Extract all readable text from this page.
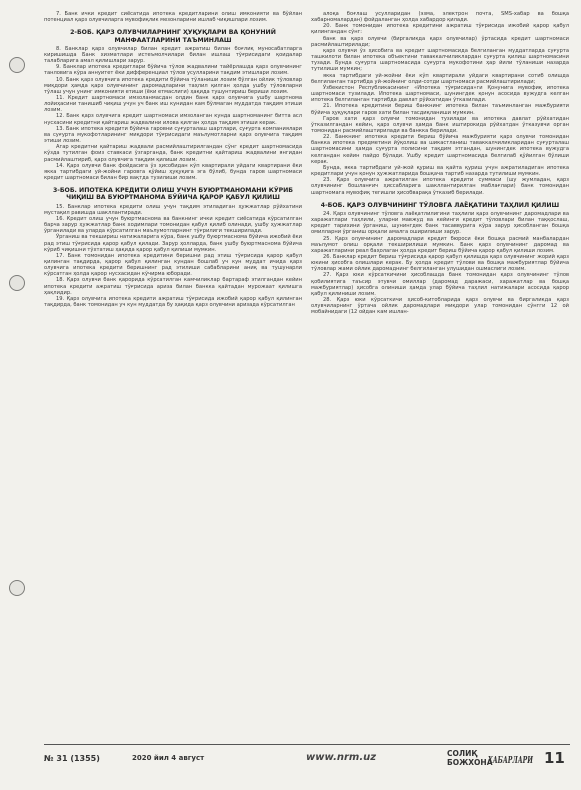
7. Банк ички кредит сиёсатида ипотека кредитларини олиш имконияти ва бўйлан потенциал қарз олувчиларга мувофиқлик мезонларини ишлаб чиқишлари лозим.

2-БОБ. ҚАРЗ ОЛУВЧИЛАРНИНГ ҲУҚУҚЛАРИ ВА ҚОНУНИЙ МАНФААТЛАРИНИ ТАЪМИНЛАШ

8. Банклар қарз олувчилар билан кредит ажратиш билан боғлиқ муносабатларга киришишда Банк хизматлари истеъмолчилари билан ишлаш тўғрисидаги қоидалар талабларига амал қилишлари зарур.

9. Банклар ипотека кредитлари бўйича тўлов жадвалини тайёрлашда қарз олувчининг танловига кўра аннуитет ёки дифференциал тўлов усулларини тақдим этишлари лозим.

10. Банк қарз олувчига ипотека кредити бўйича тўланиши лозим бўлган ойлик тўловлар миқдори ҳамда қарз олувчининг даромадларини таҳлил қилган ҳолда ушбу тўловларни тўлаш учун унинг имконияти етиши (ёки етмаслиги) ҳақида тушунтириш бериши лозим.

11. Кредит шартномаси имзоланмасдан олдин банк қарз олувчига ушбу шартнома лойиҳасини танишиб чиқиш учун уч банк иш кунидан кам бўлмаган муддатда тақдим этиши лозим.

12. Банк қарз олувчига кредит шартномаси имзоланган кунда шартноманинг битта асл нусхасини кредитни қайтариш жадвалини илова қилган ҳолда тақдим этиши керак.

13. Банк ипотека кредити бўйича гаровни суғурталаш шартлари, суғурта компаниялари ва суғурта мукофотларининг миқдори тўғрисидаги маълумотларни қарз олувчига тақдим этиши лозим.

Агар кредитни қайтариш жадвали расмийлаштирилгандан сўнг кредит шартномасида кўзда тутилган фоиз ставкаси ўзгарганда, банк кредитни қайтариш жадвалини янгидан расмийлаштириб, қарз олувчига тақдим қилиши лозим.

14. Қарз олувчи банк фойдасига ўз ҳисобидан кўп квартирали уйдаги квартирани ёки якка тартибдаги уй-жойни гаровга қўйиш ҳуқуқига эга бўлиб, бунда гаров шартномаси кредит шартномаси билан бир вақтда тузилиши лозим.

3-БОБ. ИПОТЕКА КРЕДИТИ ОЛИШ УЧУН БУЮРТМАНОМАНИ КЎРИБ ЧИҚИШ ВА БУЮРТМАНОМА БЎЙИЧА ҚАРОР ҚАБУЛ ҚИЛИШ

15. Банклар ипотека кредити олиш учун тақдим этиладиган ҳужжатлар рўйхатини мустақил равишда шакллантиради.

16. Кредит олиш учун буюртмаснома ва банкнинг ички кредит сиёсатида кўрсатилган барча зарур ҳужжатлар банк ходимлари томонидан қабул қилиб олинади, ушбу ҳужжатлар ўрганилади ва уларда кўрсатилган маълумотларнинг тўғрилиги текширилади.

Ўрганиш ва текшириш натижаларига кўра, банк ушбу буюртмаснома бўйича ижобий ёки рад этиш тўғрисида қарор қабул қилади. Зарур ҳолларда, банк ушбу буюртмаснома бўйича кўриб чиқишни тўхтатиш ҳақида қарор қабул қилиши мумкин.

17. Банк томонидан ипотека кредитини беришни рад этиш тўғрисида қарор қабул қилинган тақдирда, қарор қабул қилинган кундан бошлаб уч кун муддат ичида қарз олувчига ипотека кредити беришнинг рад этилиши сабабларини аниқ ва тушунарли кўрсатган ҳолда қарор нусхасидан кўчирма юборади.

18. Қарз олувчи банк қарорида кўрсатилган камчиликлар бартараф этилгандан кейин ипотека кредити ажратиш тўғрисида ариза билан банкка қайтадан мурожаат қилишга ҳақлидир.

19. Қарз олувчига ипотека кредити ажратиш тўғрисида ижобий қарор қабул қилинган тақдирда, банк томонидан уч кун муддатда бу ҳақида қарз олувчини аризада кўрсатилган

алоқа боғлаш усулларидан (эзма, электрон почта, SMS-хабар ва бошқа хабарномалардан) фойдаланган ҳолда хабардор қилади.

20. Банк томонидан ипотека кредитини ажратиш тўғрисида ижобий қарор қабул қилингандан сўнг:

банк ва қарз олувчи (биргаликда қарз олувчилар) ўртасида кредит шартномаси расмийлаштирилади;

қарз олувчи ўз ҳисобига ва кредит шартномасида белгиланган муддатларда суғурта ташкилоти билан ипотека объектини таваккалчиликлардан суғурта қилиш шартномасини тузади. Бунда суғурта шартномасида суғурта мукофотини ҳар йили тўланиши назарда тутилиши мумкин;

якка тартибдаги уй-жойни ёки кўп квартирали уйдаги квартирани сотиб олишда белгиланган тартибда уй-жойнинг олди-сотди шартномаси расмийлаштирилади;

Ўзбекистон Республикасининг «Ипотека тўғрисида»ги Қонунига мувофиқ ипотека шартномаси тузилади. Ипотека шартномаси, шунингдек қонун асосида вужудга келган ипотека белгиланган тартибда давлат рўйхатидан ўтказилади.

21. Ипотека кредитини бериш банкнинг ипотека билан таъминланган мажбурияти бўйича ҳуқуқлари гаров хати билан тасдиқланиши мумкин.

Гаров хати қарз олувчи томонидан тузилади ва ипотека давлат рўйхатидан ўтказилгандан кейин, қарз олувчи ҳамда банк иштирокида рўйхатдан ўтказувчи орган томонидан расмийлаштирилади ва банкка берилади.

22. Банкнинг ипотека кредити бериш бўйича мажбурияти қарз олувчи томонидан банкка ипотека предметини йўқолиш ва шикастланиш таваккалчиликларидан суғурталаш шартномасини ҳамда суғурта полисини тақдим этгандан, шунингдек ипотека вужудга келгандан кейин пайдо бўлади. Ушбу кредит шартномасида белгилаб қўйилган бўлиши керак.

Бунда, якка тартибдаги уй-жой қуриш ва қайта қуриш учун ажратиладиган ипотека кредитлари учун қонун ҳужжатларида бошқача тартиб назарда тутилиши мумкин.

23. Қарз олувчига ажратилган ипотека кредити суммаси (шу жумладан, қарз олувчининг бошланғич ҳиссабларига шакллантирилган маблағлари) банк томонидан шартномага мувофиқ тегишли ҳисобварақа ўтказиб берилади.

4-БОБ. ҚАРЗ ОЛУВЧИНИНГ ТЎЛОВГА ЛАЁҚАТИНИ ТАҲЛИЛ ҚИЛИШ

24. Қарз олувчининг тўловга лаёқатлилигини таҳлили қарз олувчининг даромадлари ва харажатлари таҳлили, уларни мавжуд ва кейинги кредит тўловлари билан таққослаш, кредит тарихини ўрганиш, шунингдек банк тасаввурига кўра зарур ҳисобланган бошқа омилларни ўрганиш орқали амалга оширилиши зарур.

25. Қарз олувчининг даромадлари кредит бюроси ёки бошқа расмий манбалардан маълумот олиш орқали текширилиши мумкин. Банк қарз олувчининг даромад ва харажатларини реал баҳолаган ҳолда кредит бериш бўйича қарор қабул қилиши лозим.

26. Банклар кредит бериш тўғрисида қарор қабул қилишда қарз олувчининг жорий қарз юкини ҳисобга олишлари керак. Бу ҳолда кредит тўлови ва бошқа мажбуриятлар бўйича тўловлар жами ойлик даромаднинг белгиланган улушидан ошмаслиги лозим.

27. Қарз юки кўрсаткичини ҳисоблашда банк томонидан қарз олувчининг тўлов қобилиятига таъсир этувчи омиллар (даромад даражаси, харажатлар ва бошқа мажбуриятлар) ҳисобга олиниши ҳамда улар бўйича таҳлил натижалари асосида қарор қабул қилиниши лозим.

28. Қарз юки кўрсаткичи ҳисоб-китобларида қарз олувчи ва биргаликда қарз олувчиларнинг ўртача ойлик даромадлари миқдори улар томонидан сўнгги 12 ой мобайнидаги (12 ойдан кам ишлан-

№ 31 (1355)	2020 йил 4 август	www.nrm.uz	СОЛИҚ
БОЖХОНА
ХАБАРЛАРИ 11
